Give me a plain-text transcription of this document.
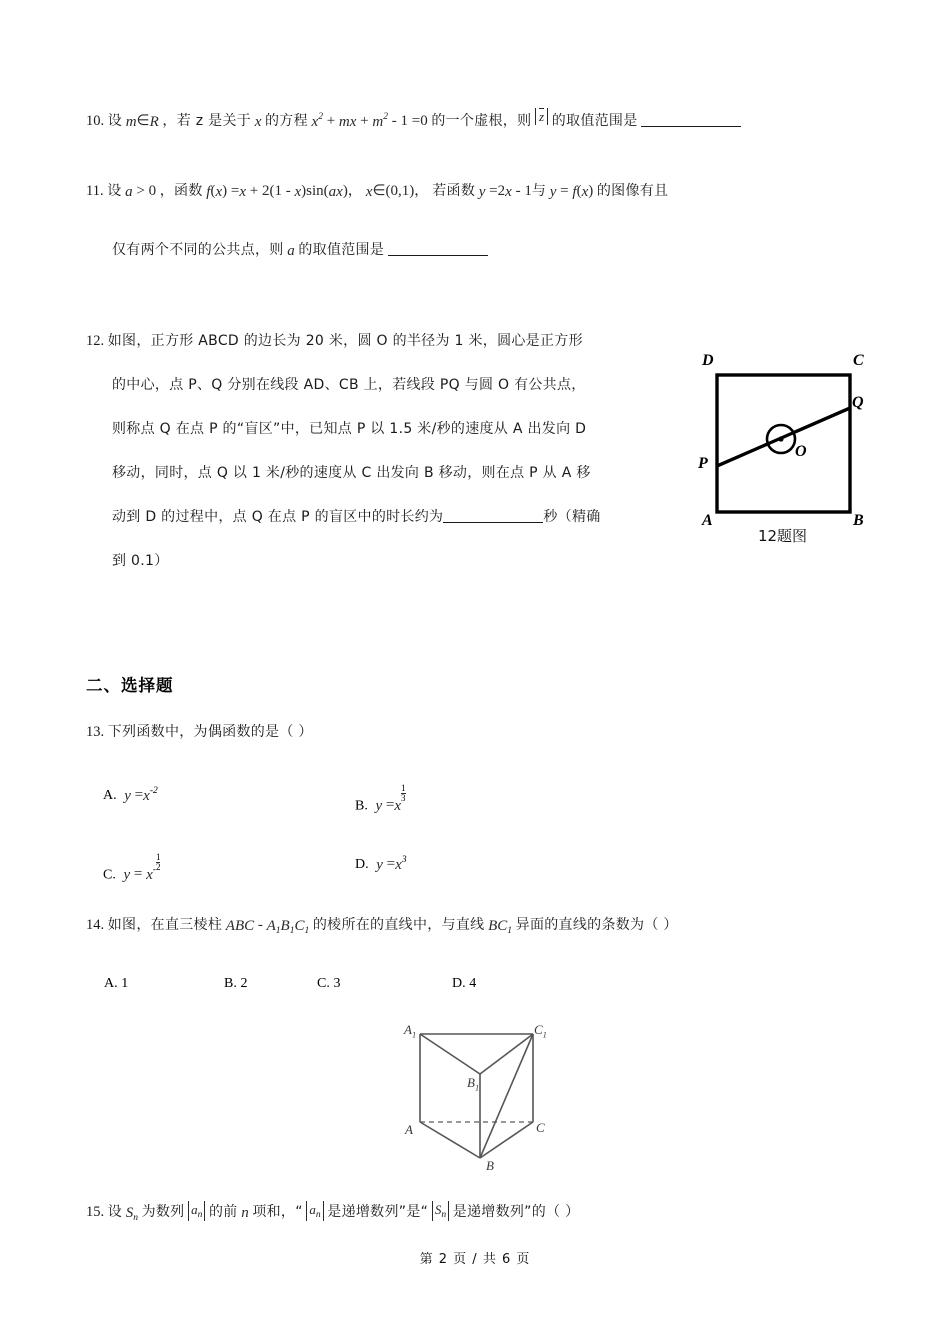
10. 设 m∈R ，若 z 是关于 x 的方程 $x^2$ + mx + $m^2 - 1 =0$ 的一个虚根，则 z 的取值范围是
11. 设 a > 0 ，函数 f(x) =x + 2(1 - x)sin(ax)， x∈(0,1)， 若函数 y =2x - 1与 y = f(x) 的图像有且
仅有两个不同的公共点，则 a 的取值范围是
12. 如图，正方形 ABCD 的边长为 20 米，圆 O 的半径为 1 米，圆心是正方形
的中心，点 P、Q 分别在线段 AD、CB 上，若线段 PQ 与圆 O 有公共点，
则称点 Q 在点 P 的“盲区”中，已知点 P 以 1.5 米/秒的速度从 A 出发向 D
移动，同时，点 Q 以 1 米/秒的速度从 C 出发向 B 移动，则在点 P 从 A 移
动到 D 的过程中，点 Q 在点 P 的盲区中的时长约为	秒（精确
到 0.1）
D	C
A	B
P
Q
O
12题图
二、选择题
13. 下列函数中，为偶函数的是（ ）
A. $y =x^{-2}$
B. y =x
$\frac{1}{3}$
C. $y = x^- \frac{1}{2}$	D. $y =x^3$
14. 如图，在直三棱柱 ABC - $A_1B_1C_1$ 的棱所在的直线中，与直线 $BC_1$ 异面的直线的条数为（ ）
A. 1	B. 2	C. 3	D. 4
$A_1$	$C_1$
$B_1$
A	C
B
15. 设 $S_n$ 为数列 $a_n$ 的前 n 项和，“ $a_n$ 是递增数列”是“ $S_n$ 是递增数列”的（ ）
第 2 页 / 共 6 页
